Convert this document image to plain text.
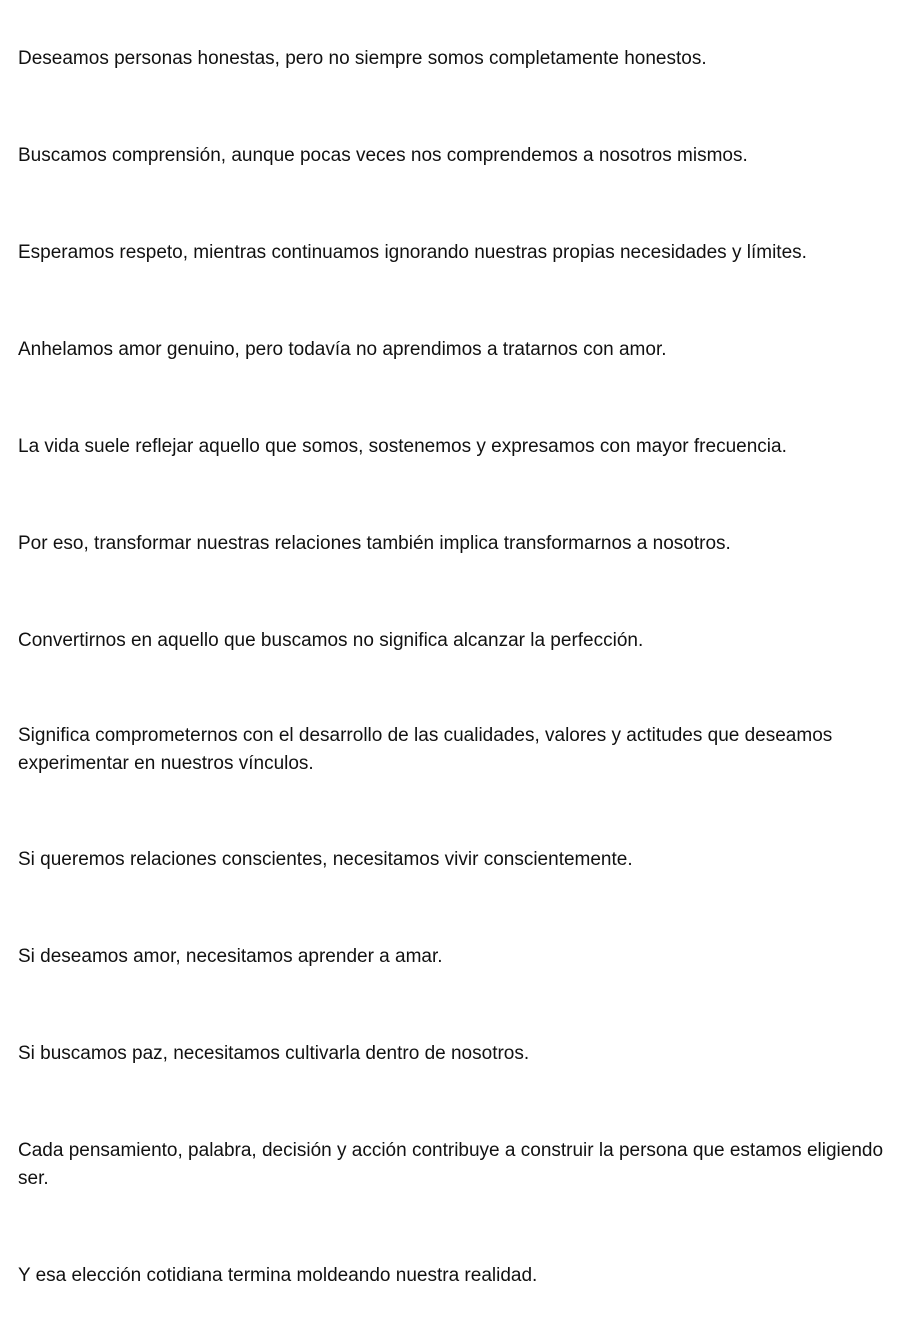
Deseamos personas honestas, pero no siempre somos completamente honestos.

Buscamos comprensión, aunque pocas veces nos comprendemos a nosotros mismos.

Esperamos respeto, mientras continuamos ignorando nuestras propias necesidades y límites.

Anhelamos amor genuino, pero todavía no aprendimos a tratarnos con amor.

La vida suele reflejar aquello que somos, sostenemos y expresamos con mayor frecuencia.

Por eso, transformar nuestras relaciones también implica transformarnos a nosotros.

Convertirnos en aquello que buscamos no significa alcanzar la perfección.

Significa comprometernos con el desarrollo de las cualidades, valores y actitudes que deseamos experimentar en nuestros vínculos.

Si queremos relaciones conscientes, necesitamos vivir conscientemente.

Si deseamos amor, necesitamos aprender a amar.

Si buscamos paz, necesitamos cultivarla dentro de nosotros.

Cada pensamiento, palabra, decisión y acción contribuye a construir la persona que estamos eligiendo ser.

Y esa elección cotidiana termina moldeando nuestra realidad.
